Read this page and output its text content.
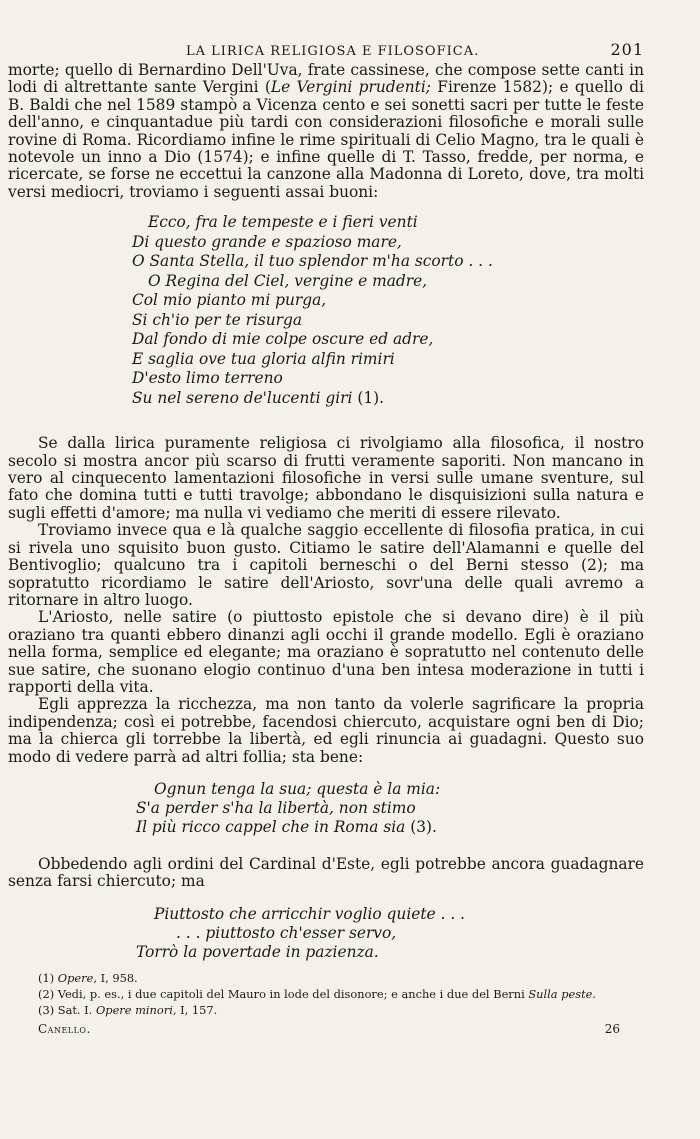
LA LIRICA RELIGIOSA E FILOSOFICA.	201

morte; quello di Bernardino Dell'Uva, frate cassinese, che compose sette canti in lodi di altrettante sante Vergini (Le Vergini prudenti; Firenze 1582); e quello di B. Baldi che nel 1589 stampò a Vicenza cento e sei sonetti sacri per tutte le feste dell'anno, e cinquantadue più tardi con considerazioni filosofiche e morali sulle rovine di Roma. Ricordiamo infine le rime spirituali di Celio Magno, tra le quali è notevole un inno a Dio (1574); e infine quelle di T. Tasso, fredde, per norma, e ricercate, se forse ne eccettui la canzone alla Madonna di Loreto, dove, tra molti versi mediocri, troviamo i seguenti assai buoni:

Ecco, fra le tempeste e i fieri venti
Di questo grande e spazioso mare,
O Santa Stella, il tuo splendor m'ha scorto . . .
O Regina del Ciel, vergine e madre,
Col mio pianto mi purga,
Si ch'io per te risurga
Dal fondo di mie colpe oscure ed adre,
E saglia ove tua gloria alfin rimiri
D'esto limo terreno
Su nel sereno de'lucenti giri (1).

Se dalla lirica puramente religiosa ci rivolgiamo alla filosofica, il nostro secolo si mostra ancor più scarso di frutti veramente saporiti. Non mancano in vero al cinquecento lamentazioni filosofiche in versi sulle umane sventure, sul fato che domina tutti e tutti travolge; abbondano le disquisizioni sulla natura e sugli effetti d'amore; ma nulla vi vediamo che meriti di essere rilevato.

Troviamo invece qua e là qualche saggio eccellente di filosofia pratica, in cui si rivela uno squisito buon gusto. Citiamo le satire dell'Alamanni e quelle del Bentivoglio; qualcuno tra i capitoli berneschi o del Berni stesso (2); ma sopratutto ricordiamo le satire dell'Ariosto, sovr'una delle quali avremo a ritornare in altro luogo.

L'Ariosto, nelle satire (o piuttosto epistole che si devano dire) è il più oraziano tra quanti ebbero dinanzi agli occhi il grande modello. Egli è oraziano nella forma, semplice ed elegante; ma oraziano è sopratutto nel contenuto delle sue satire, che suonano elogio continuo d'una ben intesa moderazione in tutti i rapporti della vita.

Egli apprezza la ricchezza, ma non tanto da volerle sagrificare la propria indipendenza; così ei potrebbe, facendosi chiercuto, acquistare ogni ben di Dio; ma la chierca gli torrebbe la libertà, ed egli rinuncia ai guadagni. Questo suo modo di vedere parrà ad altri follia; sta bene:

Ognun tenga la sua; questa è la mia:
S'a perder s'ha la libertà, non stimo
Il più ricco cappel che in Roma sia (3).

Obbedendo agli ordini del Cardinal d'Este, egli potrebbe ancora guadagnare senza farsi chiercuto; ma

Piuttosto che arricchir voglio quiete . . .
. . . piuttosto ch'esser servo,
Torrò la povertade in pazienza.
(1) Opere, I, 958.
(2) Vedi, p. es., i due capitoli del Mauro in lode del disonore; e anche i due del Berni Sulla peste.
(3) Sat. I. Opere minori, I, 157.
Canello.	26
